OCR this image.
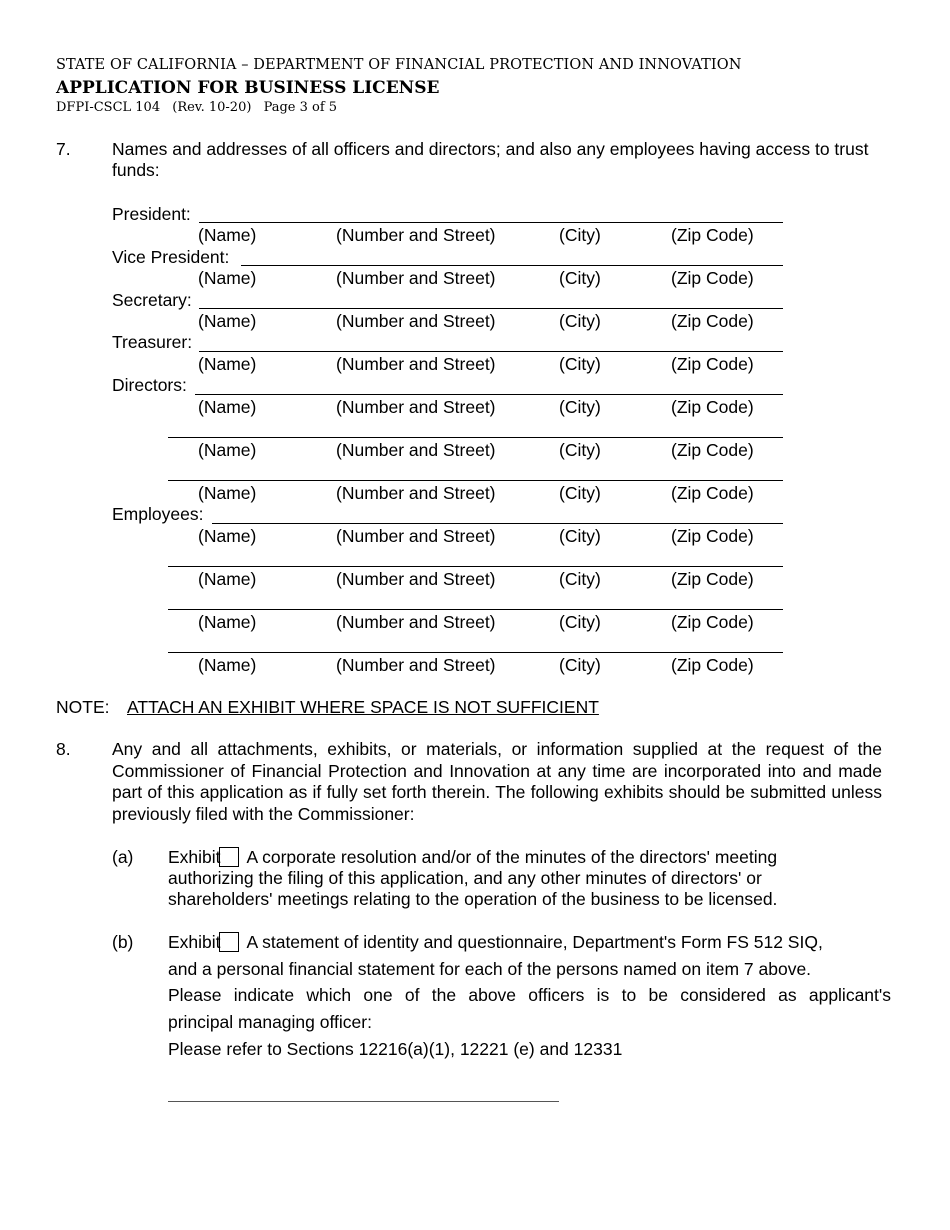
STATE OF CALIFORNIA – DEPARTMENT OF FINANCIAL PROTECTION AND INNOVATION
APPLICATION FOR BUSINESS LICENSE
DFPI-CSCL 104 (Rev. 10-20) Page 3 of 5
7. Names and addresses of all officers and directors; and also any employees having access to trust
funds:
President:
(Name)	(Number and Street)	(City)	(Zip Code)
Vice President:
(Name)	(Number and Street)	(City)	(Zip Code)
Secretary:
(Name)	(Number and Street)	(City)	(Zip Code)
Treasurer:
(Name)	(Number and Street)	(City)	(Zip Code)
Directors:
(Name)	(Number and Street)	(City)	(Zip Code)
(Name)	(Number and Street)	(City)	(Zip Code)
(Name)	(Number and Street)	(City)	(Zip Code)
Employees:
(Name)	(Number and Street)	(City)	(Zip Code)
(Name)	(Number and Street)	(City)	(Zip Code)
(Name)	(Number and Street)	(City)	(Zip Code)
(Name)	(Number and Street)	(City)	(Zip Code)
NOTE: ATTACH AN EXHIBIT WHERE SPACE IS NOT SUFFICIENT
8. Any and all attachments, exhibits, or materials, or information supplied at the request of the Commissioner of Financial Protection and Innovation at any time are incorporated into and made part of this application as if fully set forth therein. The following exhibits should be submitted unless previously filed with the Commissioner:
(a) Exhibit A corporate resolution and/or of the minutes of the directors' meeting
authorizing the filing of this application, and any other minutes of directors' or
shareholders' meetings relating to the operation of the business to be licensed.
(b) Exhibit A statement of identity and questionnaire, Department's Form FS 512 SIQ,
and a personal financial statement for each of the persons named on item 7 above.
Please indicate which one of the above officers is to be considered as applicant's
principal managing officer:
Please refer to Sections 12216(a)(1), 12221 (e) and 12331
